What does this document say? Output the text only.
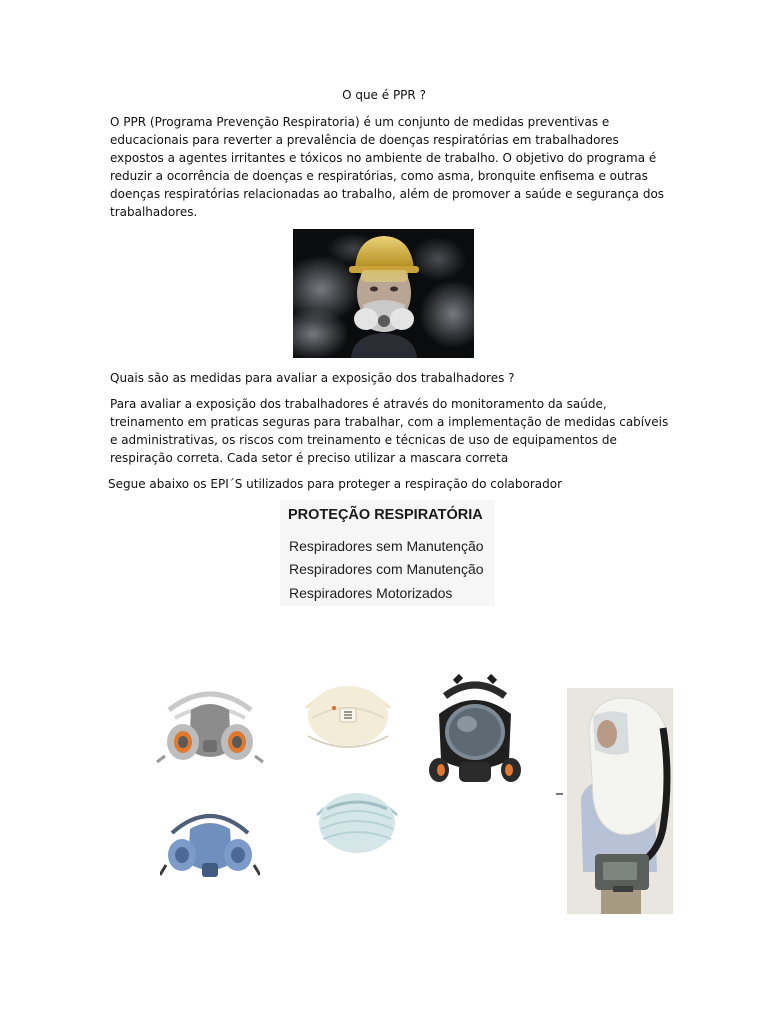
O que é PPR ?
O PPR (Programa Prevenção Respiratoria) é um conjunto de medidas preventivas e educacionais para reverter a prevalência de doenças respiratórias em trabalhadores expostos a agentes irritantes e tóxicos no ambiente de trabalho. O objetivo do programa é reduzir a ocorrência de doenças e respiratórias, como asma, bronquite enfisema e outras doenças respiratórias relacionadas ao trabalho, além de promover a saúde e segurança dos trabalhadores.
Quais são as medidas para avaliar a exposição dos trabalhadores ?
Para avaliar a exposição dos trabalhadores é através do monitoramento da saúde, treinamento em praticas seguras para trabalhar, com a implementação de medidas cabíveis e administrativas, os riscos com treinamento e técnicas de uso de equipamentos de respiração correta. Cada setor é preciso utilizar a mascara correta
Segue abaixo os EPI´S utilizados para proteger a respiração do colaborador
PROTEÇÃO RESPIRATÓRIA
Respiradores sem Manutenção
Respiradores com Manutenção
Respiradores Motorizados
